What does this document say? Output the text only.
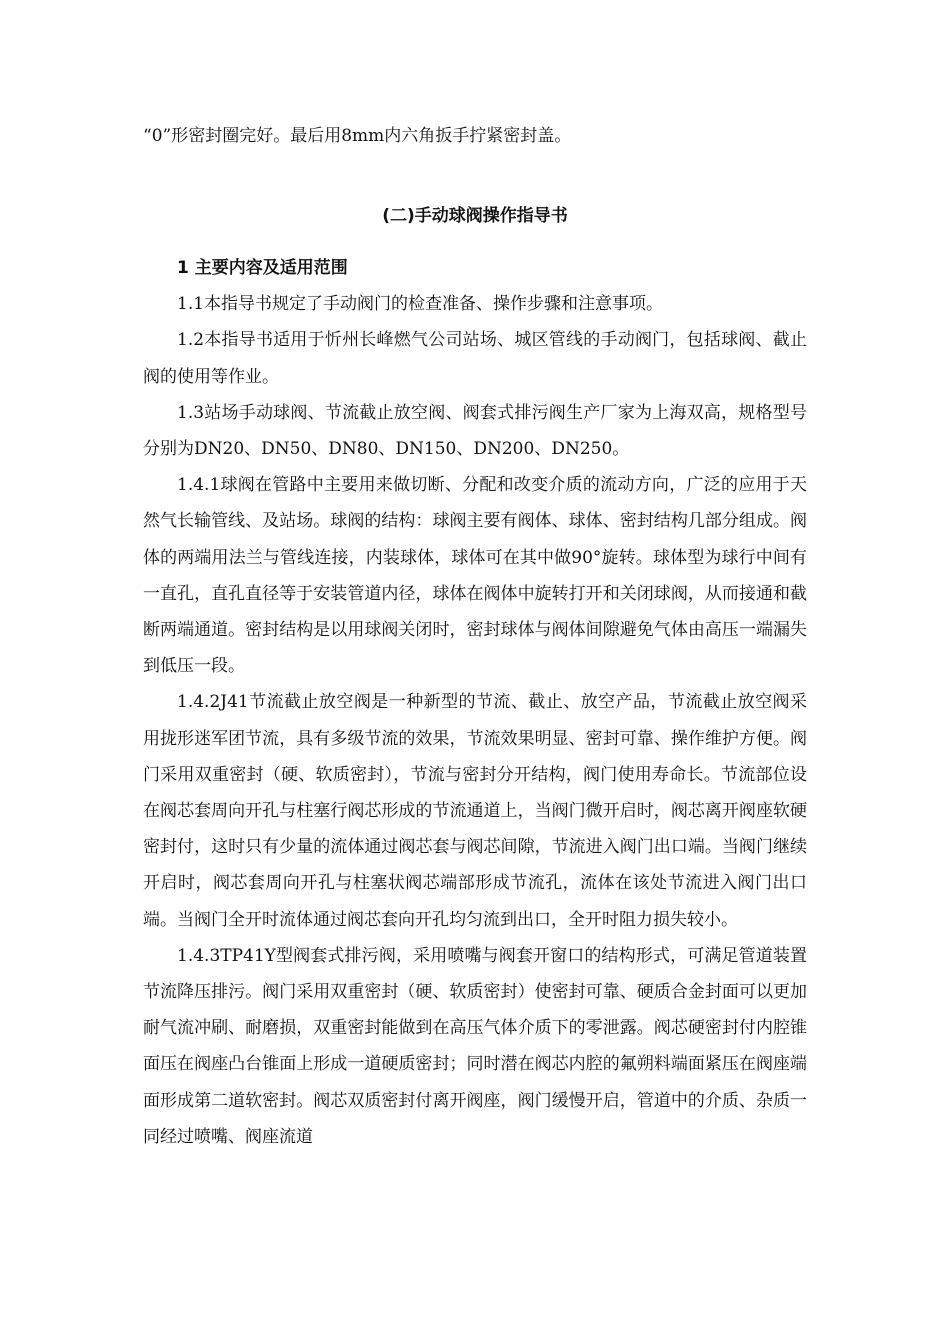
“0”形密封圈完好。最后用8mm内六角扳手拧紧密封盖。

(二)手动球阀操作指导书
1 主要内容及适用范围

1.1本指导书规定了手动阀门的检查准备、操作步骤和注意事项。

1.2本指导书适用于忻州长峰燃气公司站场、城区管线的手动阀门，包括球阀、截止阀的使用等作业。

1.3站场手动球阀、节流截止放空阀、阀套式排污阀生产厂家为上海双高，规格型号分别为DN20、DN50、DN80、DN150、DN200、DN250。

1.4.1球阀在管路中主要用来做切断、分配和改变介质的流动方向，广泛的应用于天然气长输管线、及站场。球阀的结构：球阀主要有阀体、球体、密封结构几部分组成。阀体的两端用法兰与管线连接，内装球体，球体可在其中做90°旋转。球体型为球行中间有一直孔，直孔直径等于安装管道内径，球体在阀体中旋转打开和关闭球阀，从而接通和截断两端通道。密封结构是以用球阀关闭时，密封球体与阀体间隙避免气体由高压一端漏失到低压一段。

1.4.2J41节流截止放空阀是一种新型的节流、截止、放空产品，节流截止放空阀采用拢形迷军团节流，具有多级节流的效果，节流效果明显、密封可靠、操作维护方便。阀门采用双重密封（硬、软质密封），节流与密封分开结构，阀门使用寿命长。节流部位设在阀芯套周向开孔与柱塞行阀芯形成的节流通道上，当阀门微开启时，阀芯离开阀座软硬密封付，这时只有少量的流体通过阀芯套与阀芯间隙，节流进入阀门出口端。当阀门继续开启时，阀芯套周向开孔与柱塞状阀芯端部形成节流孔，流体在该处节流进入阀门出口端。当阀门全开时流体通过阀芯套向开孔均匀流到出口，全开时阻力损失较小。

1.4.3TP41Y型阀套式排污阀，采用喷嘴与阀套开窗口的结构形式，可满足管道装置节流降压排污。阀门采用双重密封（硬、软质密封）使密封可靠、硬质合金封面可以更加耐气流冲刷、耐磨损，双重密封能做到在高压气体介质下的零泄露。阀芯硬密封付内腔锥面压在阀座凸台锥面上形成一道硬质密封；同时潜在阀芯内腔的氟朔料端面紧压在阀座端面形成第二道软密封。阀芯双质密封付离开阀座，阀门缓慢开启，管道中的介质、杂质一同经过喷嘴、阀座流道
